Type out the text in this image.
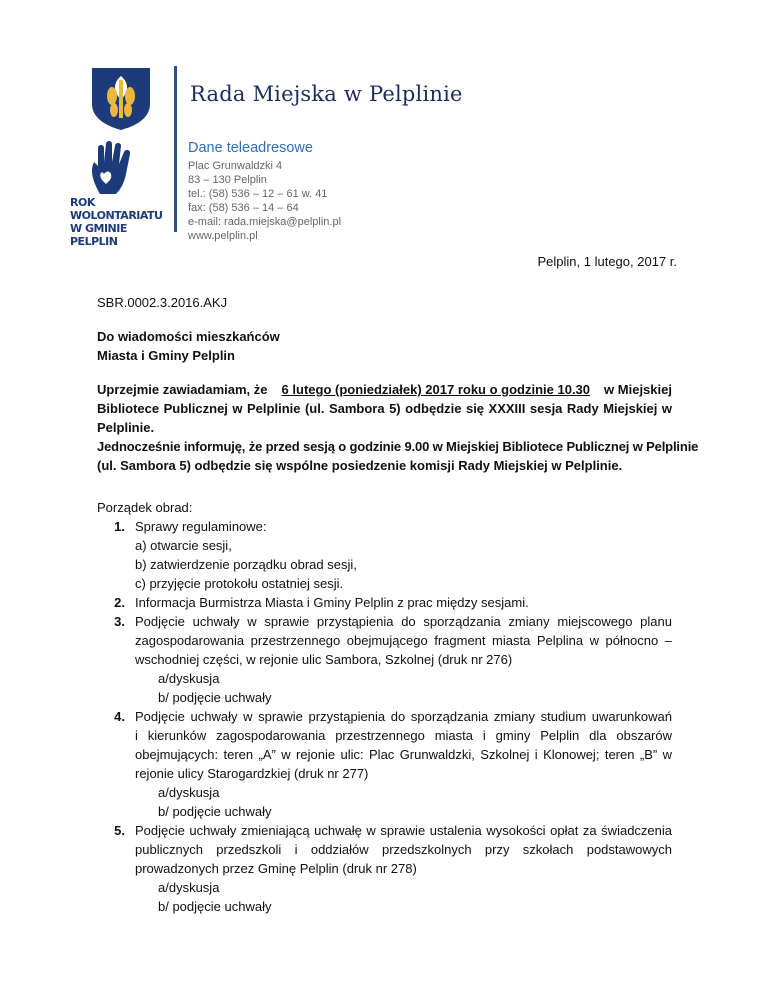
ROK
WOLONTARIATU
W GMINIE PELPLIN
Rada Miejska w Pelplinie
Dane teleadresowe
Plac Grunwaldzki 4
83 – 130 Pelplin
tel.: (58) 536 – 12 – 61 w. 41
fax: (58) 536 – 14 – 64
e-mail: rada.miejska@pelplin.pl
www.pelplin.pl
Pelplin, 1 lutego, 2017 r.
SBR.0002.3.2016.AKJ
Do wiadomości mieszkańców
Miasta i Gminy Pelplin
Uprzejmie zawiadamiam, że 6 lutego (poniedziałek) 2017 roku o godzinie 10.30 w Miejskiej
Bibliotece Publicznej w Pelplinie (ul. Sambora 5) odbędzie się XXXIII sesja Rady Miejskiej w
Pelplinie.
Jednocześnie informuję, że przed sesją o godzinie 9.00 w Miejskiej Bibliotece Publicznej w Pelplinie
(ul. Sambora 5) odbędzie się wspólne posiedzenie komisji Rady Miejskiej w Pelplinie.
Porządek obrad:
1. Sprawy regulaminowe:
a) otwarcie sesji,
b) zatwierdzenie porządku obrad sesji,
c) przyjęcie protokołu ostatniej sesji.
2. Informacja Burmistrza Miasta i Gminy Pelplin z prac między sesjami.
3. Podjęcie uchwały w sprawie przystąpienia do sporządzania zmiany miejscowego planu
zagospodarowania przestrzennego obejmującego fragment miasta Pelplina w północno –
wschodniej części, w rejonie ulic Sambora, Szkolnej (druk nr 276)
a/dyskusja
b/ podjęcie uchwały
4. Podjęcie uchwały w sprawie przystąpienia do sporządzania zmiany studium uwarunkowań
i kierunków zagospodarowania przestrzennego miasta i gminy Pelplin dla obszarów
obejmujących: teren „A” w rejonie ulic: Plac Grunwaldzki, Szkolnej i Klonowej; teren „B” w
rejonie ulicy Starogardzkiej (druk nr 277)
a/dyskusja
b/ podjęcie uchwały
5. Podjęcie uchwały zmieniającą uchwałę w sprawie ustalenia wysokości opłat za świadczenia
publicznych przedszkoli i oddziałów przedszkolnych przy szkołach podstawowych
prowadzonych przez Gminę Pelplin (druk nr 278)
a/dyskusja
b/ podjęcie uchwały
